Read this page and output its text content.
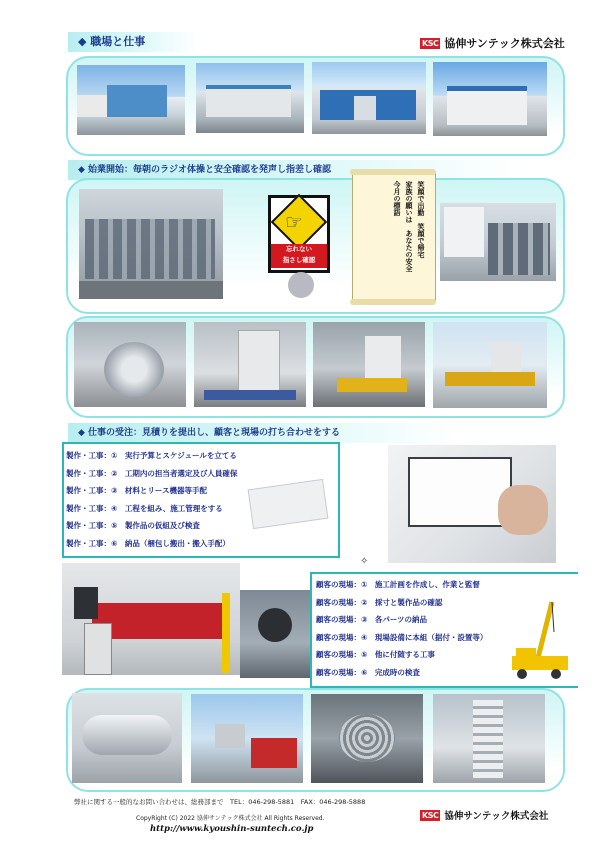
◆ 職場と仕事	KSC 協伸サンテック株式会社
◆ 始業開始：毎朝のラジオ体操と安全確認を発声し指差し確認
☞
忘れない
指さし確認
笑顔で出勤　笑顔で帰宅
家族の願いは　あなたの安全
今月の標語
◆ 仕事の受注：見積りを提出し、顧客と現場の打ち合わせをする
製作・工事：①　実行予算とスケジュールを立てる
製作・工事：②　工期内の担当者選定及び人員確保
製作・工事：③　材料とリース機器等手配
製作・工事：④　工程を組み、施工管理をする
製作・工事：⑤　製作品の仮組及び検査
製作・工事：⑥　納品（梱包し搬出・搬入手配）
顧客の現場：①　施工計画を作成し、作業と監督
顧客の現場：②　採寸と製作品の確認
顧客の現場：③　各パーツの納品
顧客の現場：④　現場設備に本組（据付・設置等）
顧客の現場：⑤　他に付随する工事
顧客の現場：⑥　完成時の検査
✧
弊社に関する一般的なお問い合わせは、総務部まで　TEL：046-298-5881　FAX：046-298-5888
CopyRight (C) 2022 協伸サンテック株式会社 All Rights Reserved.
http://www.kyoushin-suntech.co.jp
KSC 協伸サンテック株式会社
